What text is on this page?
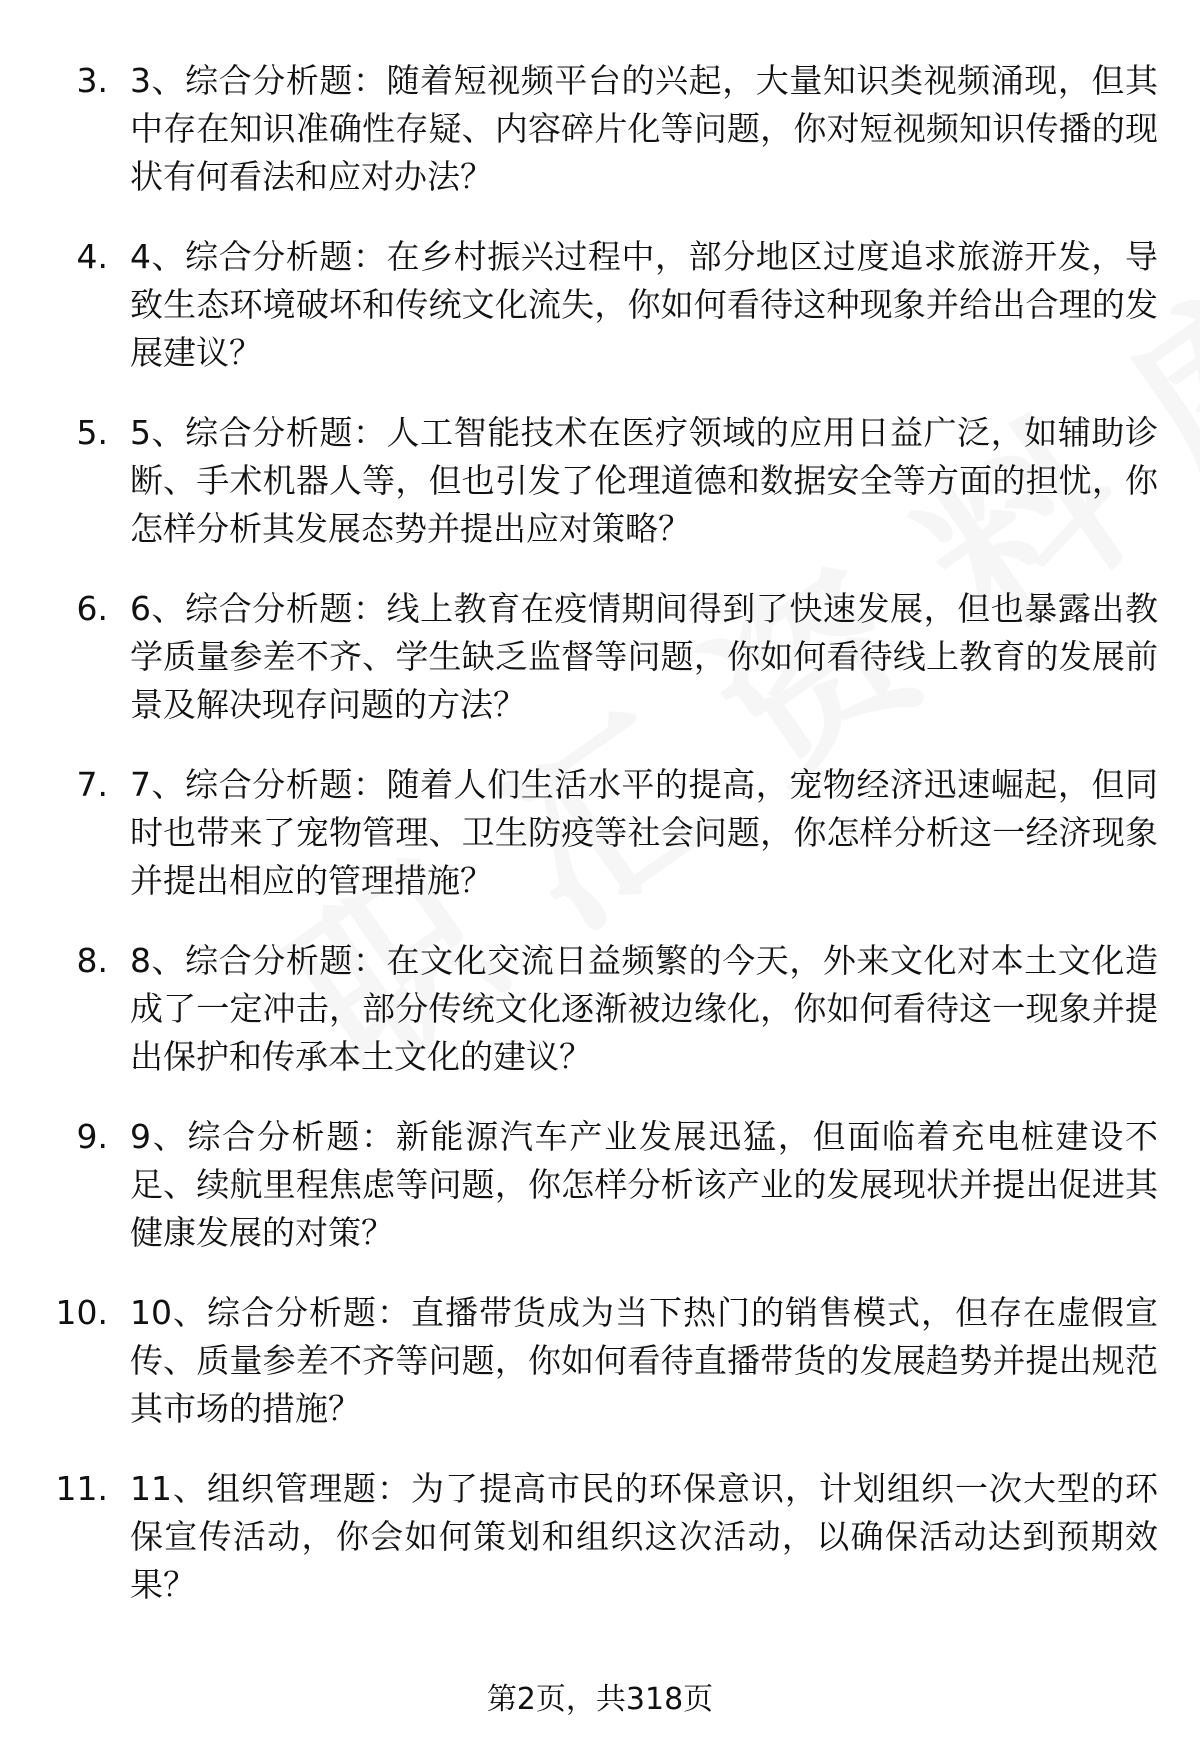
3. 3、综合分析题：随着短视频平台的兴起，大量知识类视频涌现，但其中存在知识准确性存疑、内容碎片化等问题，你对短视频知识传播的现状有何看法和应对办法？
4. 4、综合分析题：在乡村振兴过程中，部分地区过度追求旅游开发，导致生态环境破坏和传统文化流失，你如何看待这种现象并给出合理的发展建议？
5. 5、综合分析题：人工智能技术在医疗领域的应用日益广泛，如辅助诊断、手术机器人等，但也引发了伦理道德和数据安全等方面的担忧，你怎样分析其发展态势并提出应对策略？
6. 6、综合分析题：线上教育在疫情期间得到了快速发展，但也暴露出教学质量参差不齐、学生缺乏监督等问题，你如何看待线上教育的发展前景及解决现存问题的方法？
7. 7、综合分析题：随着人们生活水平的提高，宠物经济迅速崛起，但同时也带来了宠物管理、卫生防疫等社会问题，你怎样分析这一经济现象并提出相应的管理措施？
8. 8、综合分析题：在文化交流日益频繁的今天，外来文化对本土文化造成了一定冲击，部分传统文化逐渐被边缘化，你如何看待这一现象并提出保护和传承本土文化的建议？
9. 9、综合分析题：新能源汽车产业发展迅猛，但面临着充电桩建设不足、续航里程焦虑等问题，你怎样分析该产业的发展现状并提出促进其健康发展的对策？
10. 10、综合分析题：直播带货成为当下热门的销售模式，但存在虚假宣传、质量参差不齐等问题，你如何看待直播带货的发展趋势并提出规范其市场的措施？
11. 11、组织管理题：为了提高市民的环保意识，计划组织一次大型的环保宣传活动，你会如何策划和组织这次活动，以确保活动达到预期效果？
第2页，共318页
